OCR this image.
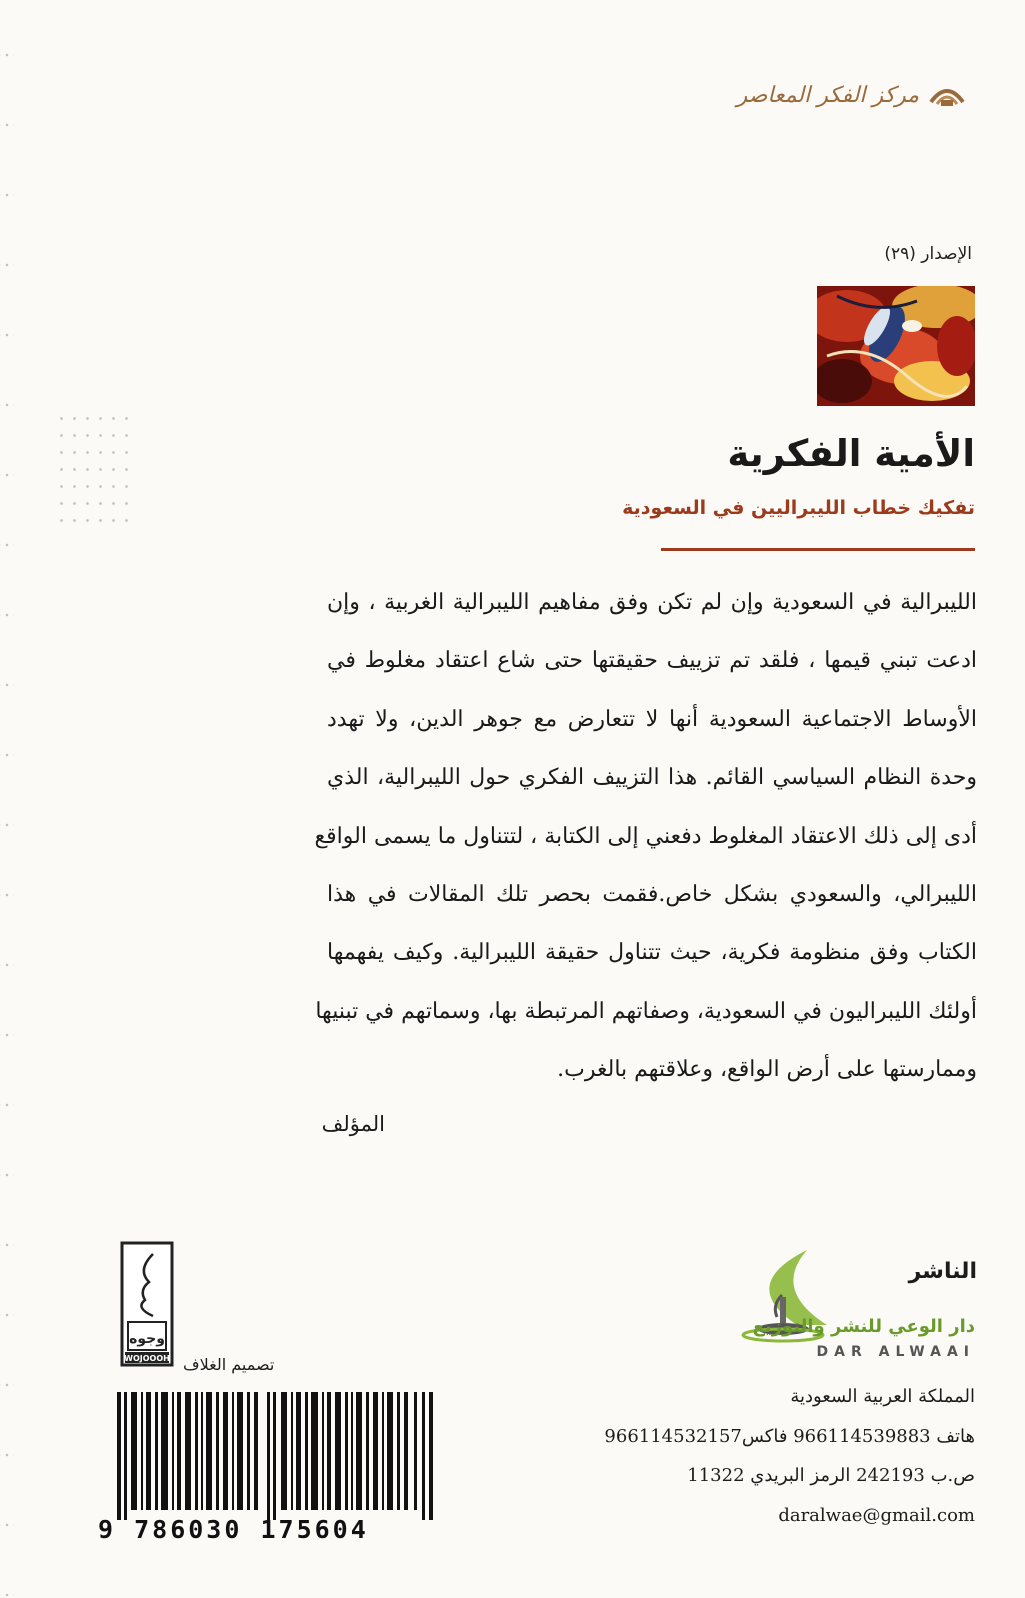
مركز الفكر المعاصر
الإصدار (٢٩)
الأمية الفكرية
تفكيك خطاب الليبراليين في السعودية
الليبرالية في السعودية وإن لم تكن وفق مفاهيم الليبرالية الغربية ، وإن
ادعت تبني قيمها ، فلقد تم تزييف حقيقتها حتى شاع اعتقاد مغلوط في
الأوساط الاجتماعية السعودية أنها لا تتعارض مع جوهر الدين، ولا تهدد
وحدة النظام السياسي القائم. هذا التزييف الفكري حول الليبرالية، الذي
أدى إلى ذلك الاعتقاد المغلوط دفعني إلى الكتابة ، لتتناول ما يسمى الواقع
الليبرالي، والسعودي بشكل خاص.فقمت بحصر تلك المقالات في هذا
الكتاب وفق منظومة فكرية، حيث تتناول حقيقة الليبرالية. وكيف يفهمها
أولئك الليبراليون في السعودية، وصفاتهم المرتبطة بها، وسماتهم في تبنيها
وممارستها على أرض الواقع، وعلاقتهم بالغرب.
المؤلف
الناشر
دار الوعي للنشر والتوزيع
DAR ALWAAI
المملكة العربية السعودية
هاتف 966114539883 فاكس966114532157
ص.ب 242193 الرمز البريدي 11322
daralwae@gmail.com
وجوه
WOJOOOH تصميم الغلاف
9 786030 175604
